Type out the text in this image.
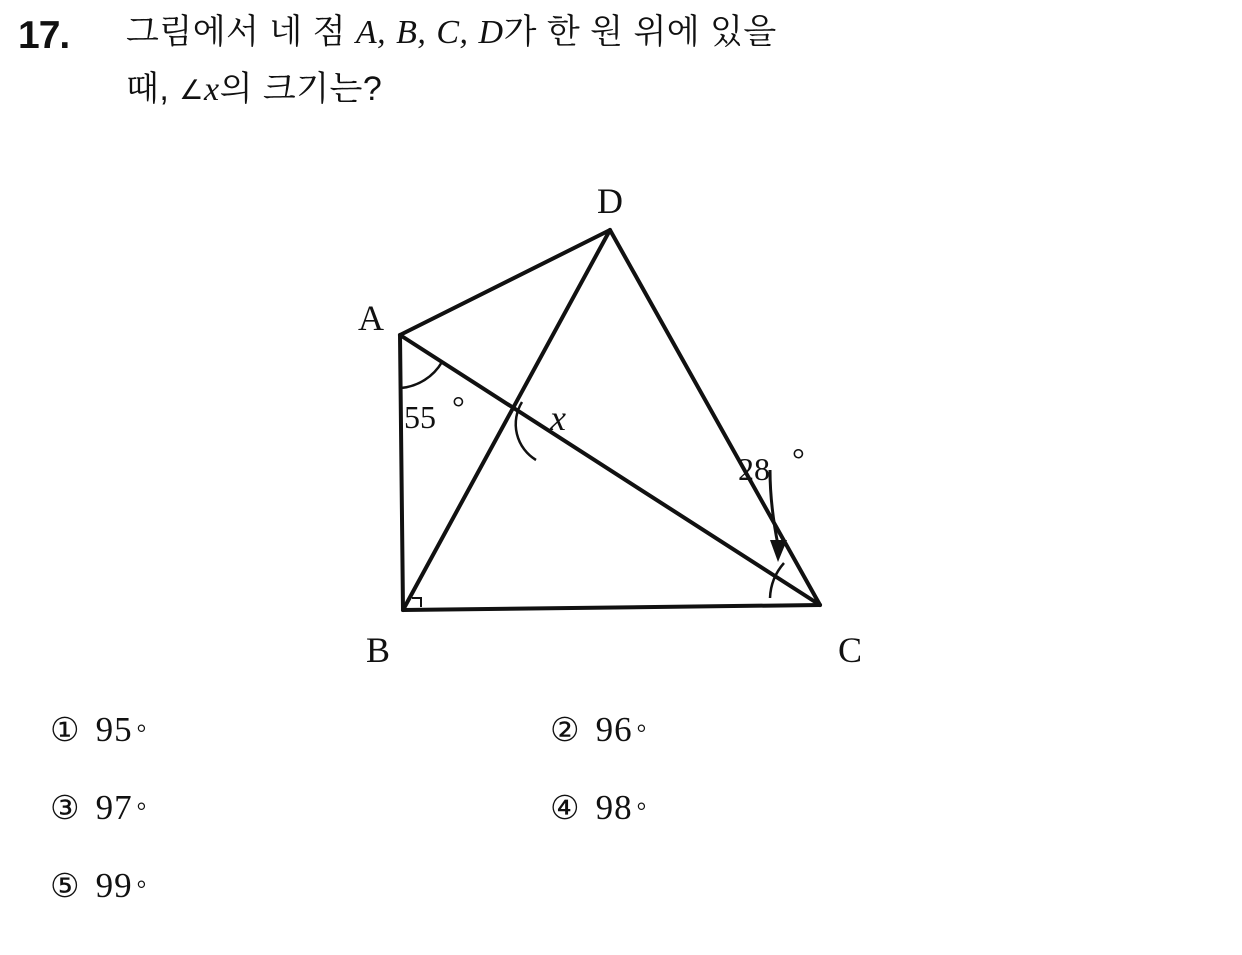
17. 그림에서 네 점 A, B, C, D가 한 원 위에 있을
때, ∠x의 크기는?
A
B	C
D
55 ° x
28 °
① 95 °	② 96 °
③ 97 °	④ 98 °
⑤ 99 °
